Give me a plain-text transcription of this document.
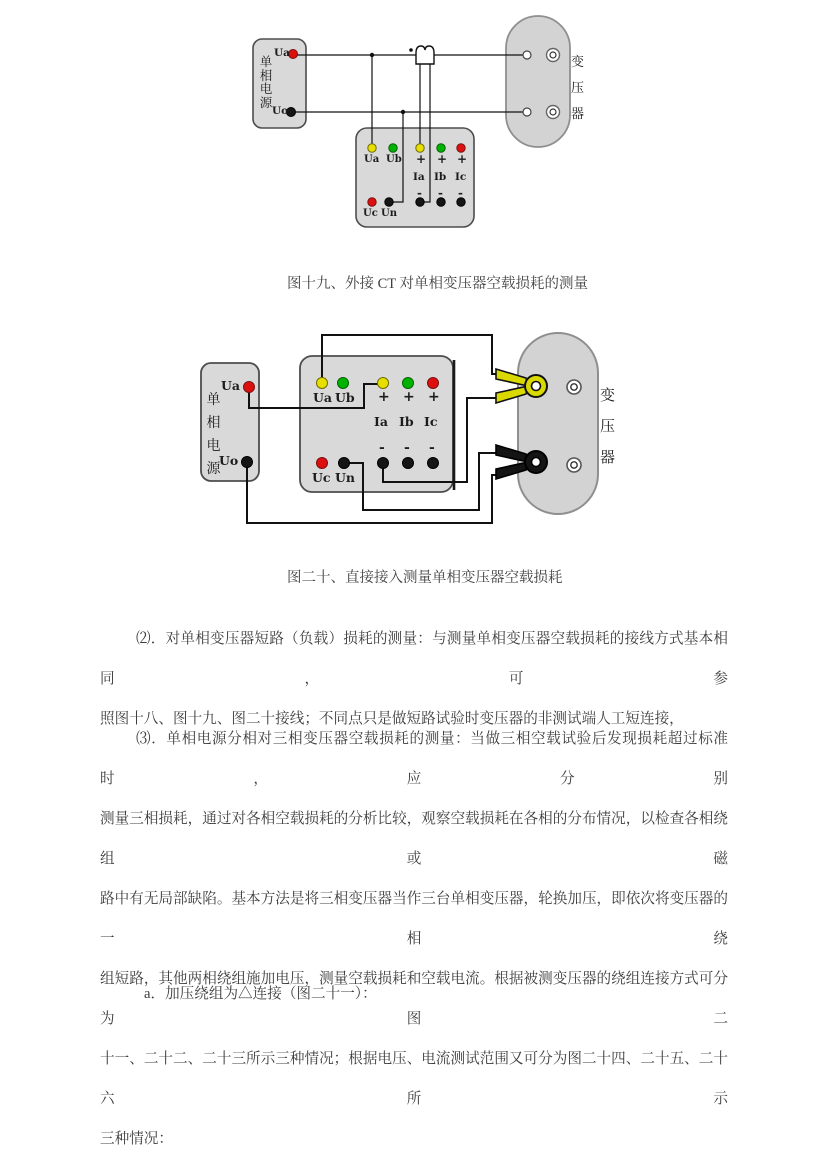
单相电源
Ua
Uo
Ua Ub + + +
Ia Ib Ic
- - -
Uc Un
变压器
图十九、外接 CT 对单相变压器空载损耗的测量
单相电源
Ua
Uo
Ua Ub + + +
Ia Ib Ic
- - -
Uc Un
变压器
图二十、直接接入测量单相变压器空载损耗
⑵．对单相变压器短路（负载）损耗的测量：与测量单相变压器空载损耗的接线方式基本相同，可参
照图十八、图十九、图二十接线；不同点只是做短路试验时变压器的非测试端人工短连接，
⑶．单相电源分相对三相变压器空载损耗的测量：当做三相空载试验后发现损耗超过标准时，应分别
测量三相损耗，通过对各相空载损耗的分析比较，观察空载损耗在各相的分布情况，以检查各相绕组或磁
路中有无局部缺陷。基本方法是将三相变压器当作三台单相变压器，轮换加压，即依次将变压器的一相绕
组短路，其他两相绕组施加电压，测量空载损耗和空载电流。根据被测变压器的绕组连接方式可分为图二
十一、二十二、二十三所示三种情况；根据电压、电流测试范围又可分为图二十四、二十五、二十六所示
三种情况：
a．加压绕组为△连接（图二十一）：
